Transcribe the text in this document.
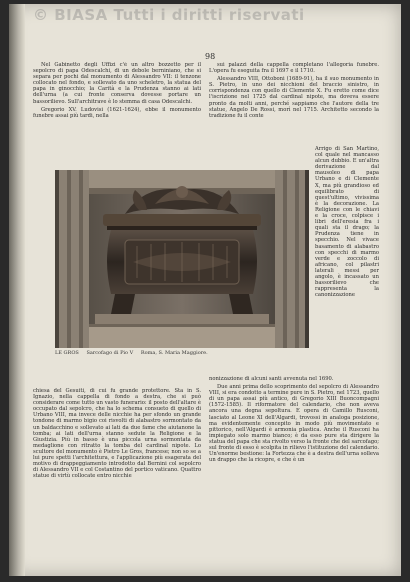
© BIASA Tutti i diritti riservati
98

Nel Gabinetto degli Uffizi c'è un altro bozzetto per il sepolcro di papa Odescalchi, di un debole berniniano, che si separa per pochi dal monumento di Alessandro VII: il tenzone collocato nel fondo, e sollevato da uno scheletro, la statua del papa in ginocchio; la Carità e la Prudenza stanno ai lati dell'urna (a cui fronte conserva dovesse portare un bassorilievo. Sull'architrave è lo stemma di casa Odescalchi.

Gregorio XV. Ludovisi (1621-1624), ebbe il monumento funebre assai più tardi, nella

sui palazzi della cappella completano l'allegoria funebre. L'opera fu eseguita fra il 1697 e il 1710.

Alessandro VIII, Ottoboni (1689-91), ha il suo monumento in S. Pietro, in uno dei nicchioni del braccio sinistro, in corrispondenza con quello di Clemente X. Fu eretto come dice l'iscrizione nel 1725 dal cardinal nipote, ma doveva essere pronto da molti anni, perché sappiamo che l'autore della tre statue, Angelo De Rossi, morì nel 1715. Architetto secondo la tradizione fu il conte

Arrigo di San Martino, col quale nel mancasso alcun dubbio. E un'altra derivazione dal mausoleo di papa Urbano e di Clemente X, ma più grandioso ed equilibrato di quest'ultimo, vivissima è la decorazione. La Religione con le chiavi e la croce, colpisce i libri dell'eresia fra i quali sta il drago; la Prudenza tiene in specchio. Nel vivace basamento di alabastro con specchi di marmo verde e zoccolo di africano, col pilastri laterali messi per angolo, è incassato un bassorilievo che rappresenta la canonizzazione

LE GROS Sarcofago di Pio V Roma, S. Maria Maggiore.

chiesa del Gesuiti, di cui fu grande protettore. Sta in S. Ignazio, nella cappella di fondo a destra, che si può considerare come tutto un vasto funerario: il posto dell'altare è occupato dal sepolcro, che ha lo schema consueto di quello di Urbano VIII, ma invece delle nicchie ha per sfondo un grande tondone di marmo bigio coi risvolti di alabastro sormontato da un baldacchino e sollevato ai lati da due fame che aiutanone la tomba; ai lati dell'urna stanno sedute la Religione e la Giustizia. Più in basso è una piccola urna sormontata da medaglione con ritratto la tomba del cardinal nipote. Lo scultore del monumento è Pietro Le Gros, francese; non so se a lui pure spetti l'architettura, e l'applicazione più esagerata del motivo di drappeggiamento introdotto dal Bernini col sepolcro di Alessandro VII e col Costantino del portico vaticano. Quattro statue di virtù collocate entro nicchie

nonizzazione di alcuni santi avvenuta nel 1690.

Due anni prima dello scoprimento del sepolcro di Alessandro VIII, si era condotto a termine pure in S. Pietro, nel 1723, quello di un papa assai più antico, di Gregorio XIII Buoncompagni (1572-1585). Il riformatore del calendario, che non aveva ancora una degna sepoltura. E opera di Camillo Rusconi, lasciato al Leone XI dell'Algardi, trovossi in analoga posizione, ma evidentemente concepito in modo più movimentato e pittorico, nell'Algardi è armonia plastica. Anche il Rusconi ha impiegato solo marmo bianco; è da esso pure sta dirigere la statua del papa che sta rivolto verso la fronte che del sarcofago; sul fronte di esso è scolpita in rilievo l'istituzione del calendario. Un'enorme bestione: la Fortezza che è a destra dell'urna solleva un drappo che la ricopre, e che è un
